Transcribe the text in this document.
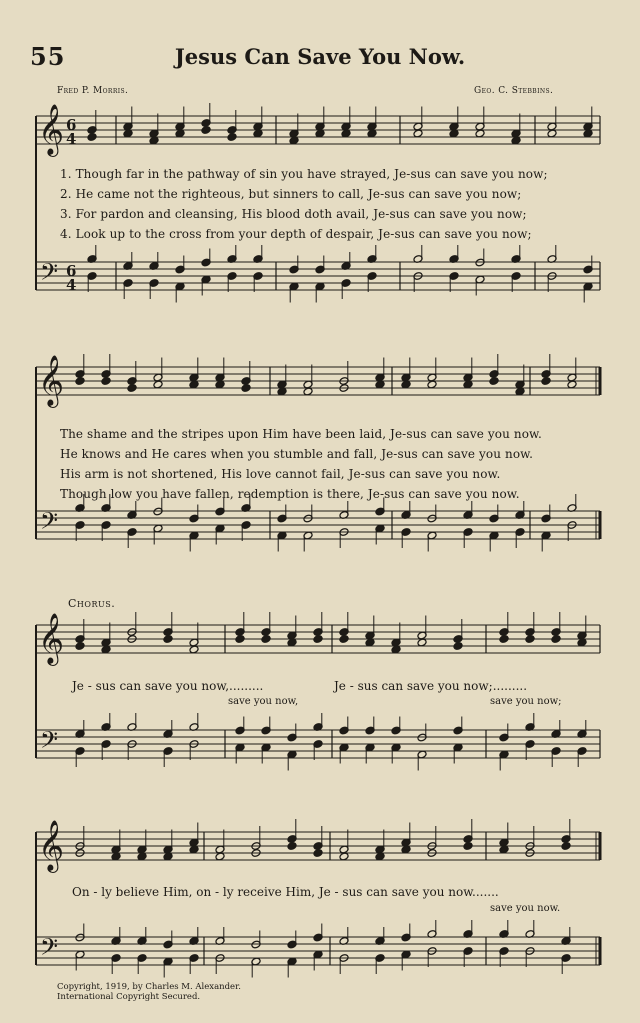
55	Jesus Can Save You Now.
Fred P. Morris.	Geo. C. Stebbins.
𝄞
𝄢
6
4
6
4
𝄞
𝄢
𝄞
𝄢
𝄞
𝄢
1. Though far in the pathway of sin you have strayed, Je-sus can save you now;
2. He came not the righteous, but sinners to call, Je-sus can save you now;
3. For pardon and cleansing, His blood doth avail, Je-sus can save you now;
4. Look up to the cross from your depth of despair, Je-sus can save you now;
The shame and the stripes upon Him have been laid, Je-sus can save you now.
He knows and He cares when you stumble and fall, Je-sus can save you now.
His arm is not shortened, His love cannot fail, Je-sus can save you now.
Though low you have fallen, redemption is there, Je-sus can save you now.
Chorus.
Je - sus can save you now,.........	Je - sus can save you now;.........
save you now,	save you now;
On - ly believe Him, on - ly receive Him, Je - sus can save you now.......
save you now.
Copyright, 1919, by Charles M. Alexander.
International Copyright Secured.
